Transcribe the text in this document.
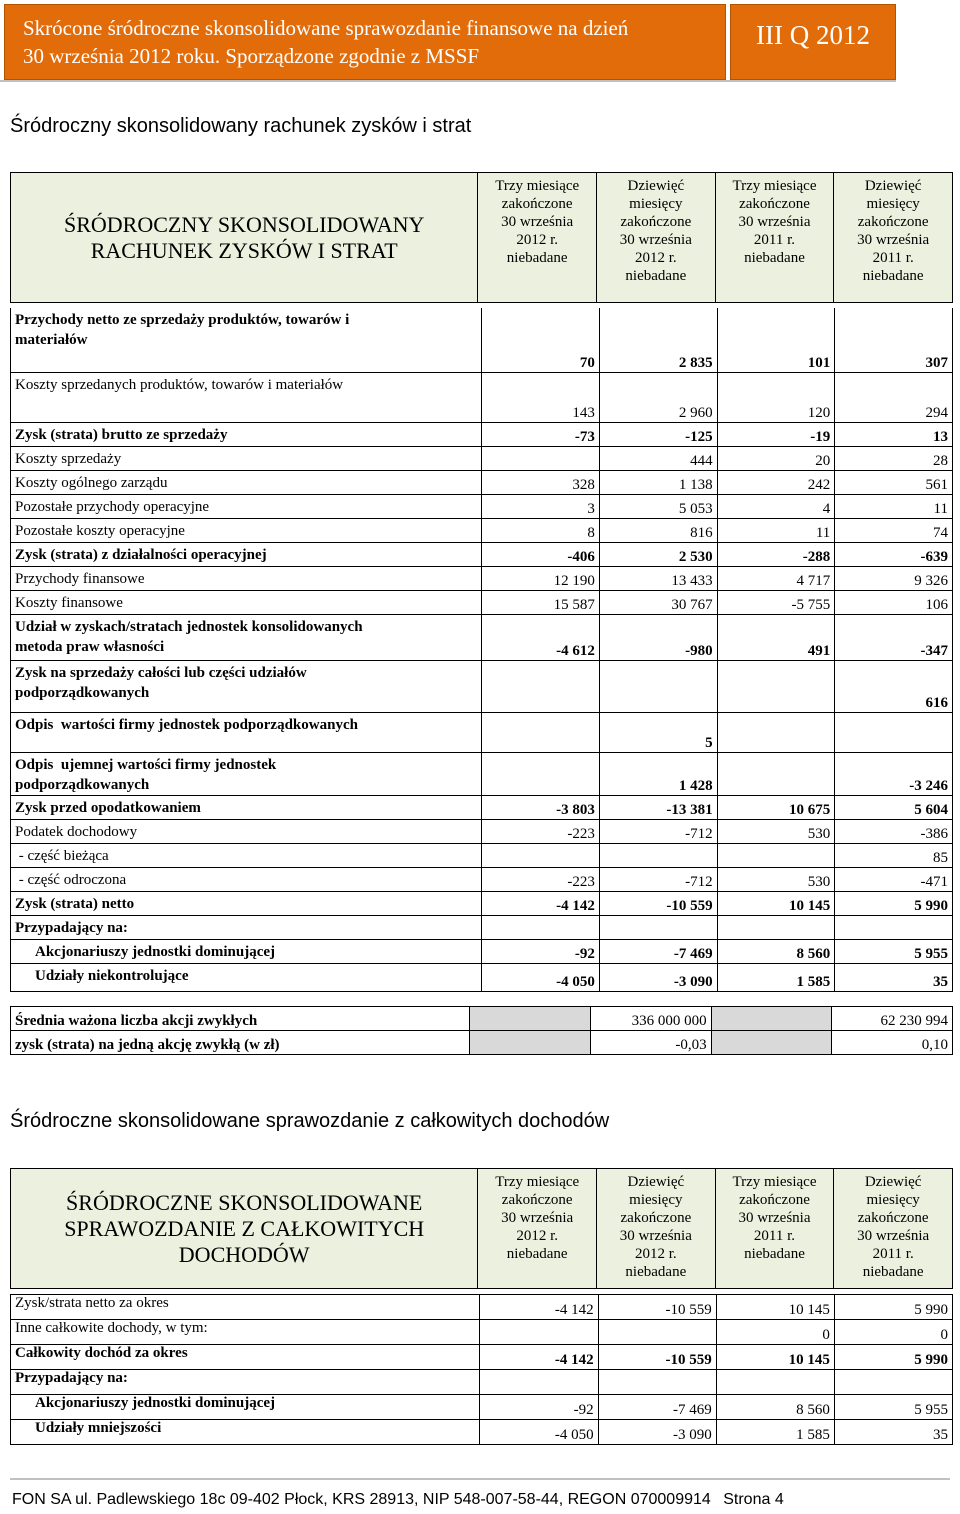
Skrócone śródroczne skonsolidowane sprawozdanie finansowe na dzień
30 września 2012 roku. Sporządzone zgodnie z MSSF
III Q 2012
Śródroczny skonsolidowany rachunek zysków i strat
ŚRÓDROCZNY SKONSOLIDOWANY
RACHUNEK ZYSKÓW I STRAT

Trzy miesiące
zakończone
30 września
2012 r.
niebadane

Dziewięć
miesięcy
zakończone
30 września
2012 r.
niebadane

Trzy miesiące
zakończone
30 września
2011 r.
niebadane

Dziewięć
miesięcy
zakończone
30 września
2011 r.
niebadane
Przychody netto ze sprzedaży produktów, towarów i
materiałów	70	2 835	101	307

Koszty sprzedanych produktów, towarów i materiałów	143	2 960	120	294

Zysk (strata) brutto ze sprzedaży	-73	-125	-19	13

Koszty sprzedaży		444	20	28

Koszty ogólnego zarządu	328	1 138	242	561

Pozostałe przychody operacyjne	3	5 053	4	11

Pozostałe koszty operacyjne	8	816	11	74

Zysk (strata) z działalności operacyjnej	-406	2 530	-288	-639

Przychody finansowe	12 190	13 433	4 717	9 326

Koszty finansowe	15 587	30 767	-5 755	106

Udział w zyskach/stratach jednostek konsolidowanych
metoda praw własności	-4 612	-980	491	-347

Zysk na sprzedaży całości lub części udziałów
podporządkowanych				616

Odpis  wartości firmy jednostek podporządkowanych		5		

Odpis  ujemnej wartości firmy jednostek
podporządkowanych		1 428		-3 246

Zysk przed opodatkowaniem	-3 803	-13 381	10 675	5 604

Podatek dochodowy	-223	-712	530	-386

- część bieżąca				85

- część odroczona	-223	-712	530	-471

Zysk (strata) netto	-4 142	-10 559	10 145	5 990

Przypadający na:				

Akcjonariuszy jednostki dominującej	-92	-7 469	8 560	5 955

Udziały niekontrolujące	-4 050	-3 090	1 585	35
Średnia ważona liczba akcji zwykłych		336 000 000		62 230 994
zysk (strata) na jedną akcję zwykłą (w zł)		-0,03		0,10
Śródroczne skonsolidowane sprawozdanie z całkowitych dochodów
ŚRÓDROCZNE SKONSOLIDOWANE
SPRAWOZDANIE Z CAŁKOWITYCH
DOCHODÓW

Trzy miesiące
zakończone
30 września
2012 r.
niebadane

Dziewięć
miesięcy
zakończone
30 września
2012 r.
niebadane

Trzy miesiące
zakończone
30 września
2011 r.
niebadane

Dziewięć
miesięcy
zakończone
30 września
2011 r.
niebadane
Zysk/strata netto za okres	-4 142	-10 559	10 145	5 990
Inne całkowite dochody, w tym:			0	0
Całkowity dochód za okres	-4 142	-10 559	10 145	5 990
Przypadający na:				
Akcjonariuszy jednostki dominującej	-92	-7 469	8 560	5 955
Udziały mniejszości	-4 050	-3 090	1 585	35
FON SA ul. Padlewskiego 18c 09-402 Płock, KRS 28913, NIP 548-007-58-44, REGON 070009914 Strona 4
